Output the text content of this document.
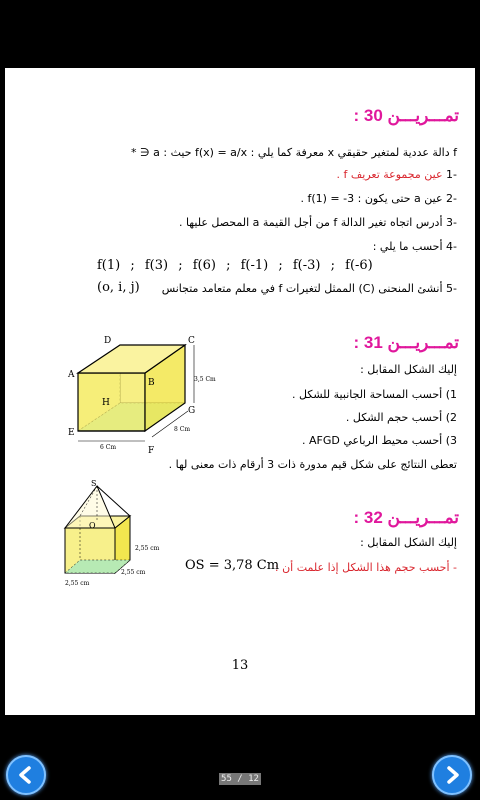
تمـــريـــن 30 :
f دالة عددية لمتغير حقيقي x معرفة كما يلي : f(x) = a/x حيث : a ∈ *
-1 عين مجموعة تعريف f .
-2 عين a حتى يكون : f(1) = -3 .
-3 أدرس اتجاه تغير الدالة f من أجل القيمة a المحصل عليها .
-4 أحسب ما يلي :
f(1) ; f(3) ; f(6) ; f(-1) ; f(-3) ; f(-6)
-5 أنشئ المنحنى (C) الممثل لتغيرات f في معلم متعامد متجانس
(o, i, j)
تمـــريـــن 31 :
إليك الشكل المقابل :
1) أحسب المساحة الجانبية للشكل .
2) أحسب حجم الشكل .
3) أحسب محيط الرباعي AFGD .
تعطى النتائج على شكل قيم مدورة ذات 3 أرقام ذات معنى لها .
D	C
A
B
H
G
E
F
3,5 Cm
8 Cm
6 Cm
تمـــريـــن 32 :
إليك الشكل المقابل :
- أحسب حجم هذا الشكل إذا علمت أن :
OS = 3,78 Cm
S
O
2,55 cm
2,55 cm
2,55 cm
13
55 / 12
